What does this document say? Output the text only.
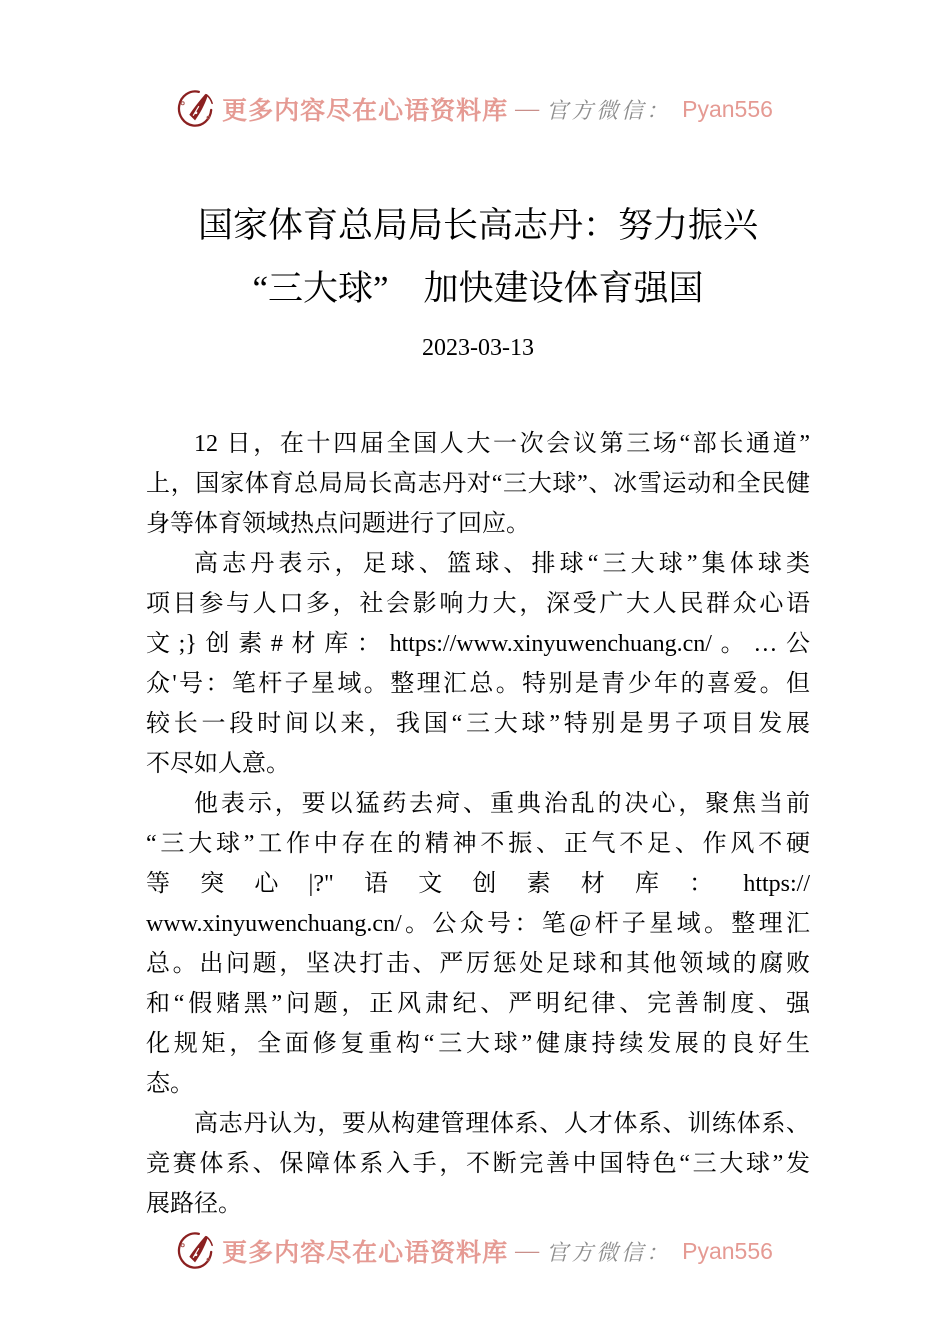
更多内容尽在心语资料库 — 官方微信： Pyan556
国家体育总局局长高志丹：努力振兴
“三大球”　加快建设体育强国
2023-03-13
12 日，在十四届全国人大一次会议第三场“部长通道”
上，国家体育总局局长高志丹对“三大球”、冰雪运动和全民健
身等体育领域热点问题进行了回应。
高志丹表示，足球、篮球、排球“三大球”集体球类
项目参与人口多，社会影响力大，深受广大人民群众心语
文;}创素#材库：https://www.xinyuwenchuang.cn/。…公
众'号：笔杆子星域。整理汇总。特别是青少年的喜爱。但
较长一段时间以来，我国“三大球”特别是男子项目发展
不尽如人意。
他表示，要以猛药去疴、重典治乱的决心，聚焦当前
“三大球”工作中存在的精神不振、正气不足、作风不硬
等突心|?"语文创素材库：https://
www.xinyuwenchuang.cn/。公众号：笔@杆子星域。整理汇
总。出问题，坚决打击、严厉惩处足球和其他领域的腐败
和“假赌黑”问题，正风肃纪、严明纪律、完善制度、强
化规矩，全面修复重构“三大球”健康持续发展的良好生
态。
高志丹认为，要从构建管理体系、人才体系、训练体系、
竞赛体系、保障体系入手，不断完善中国特色“三大球”发
展路径。
更多内容尽在心语资料库 — 官方微信： Pyan556
